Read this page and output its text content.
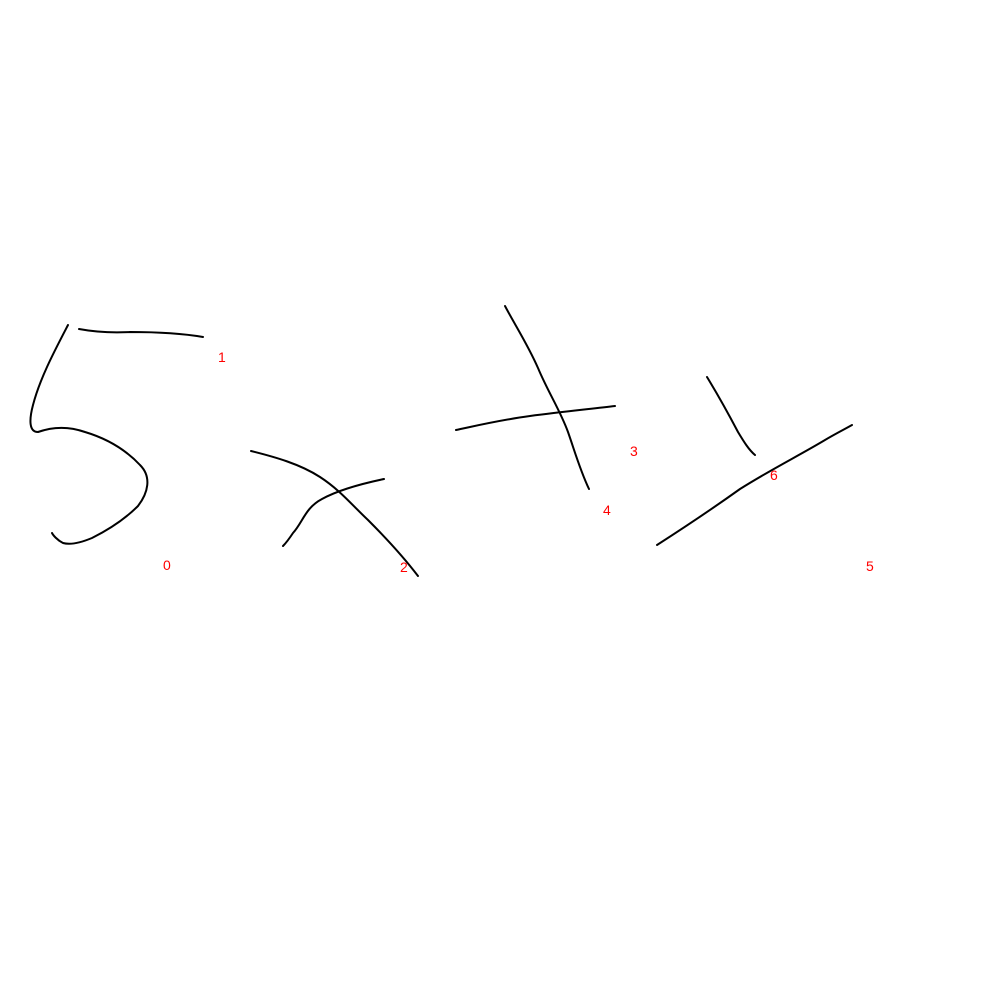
0
1
2
3
4
5
6
